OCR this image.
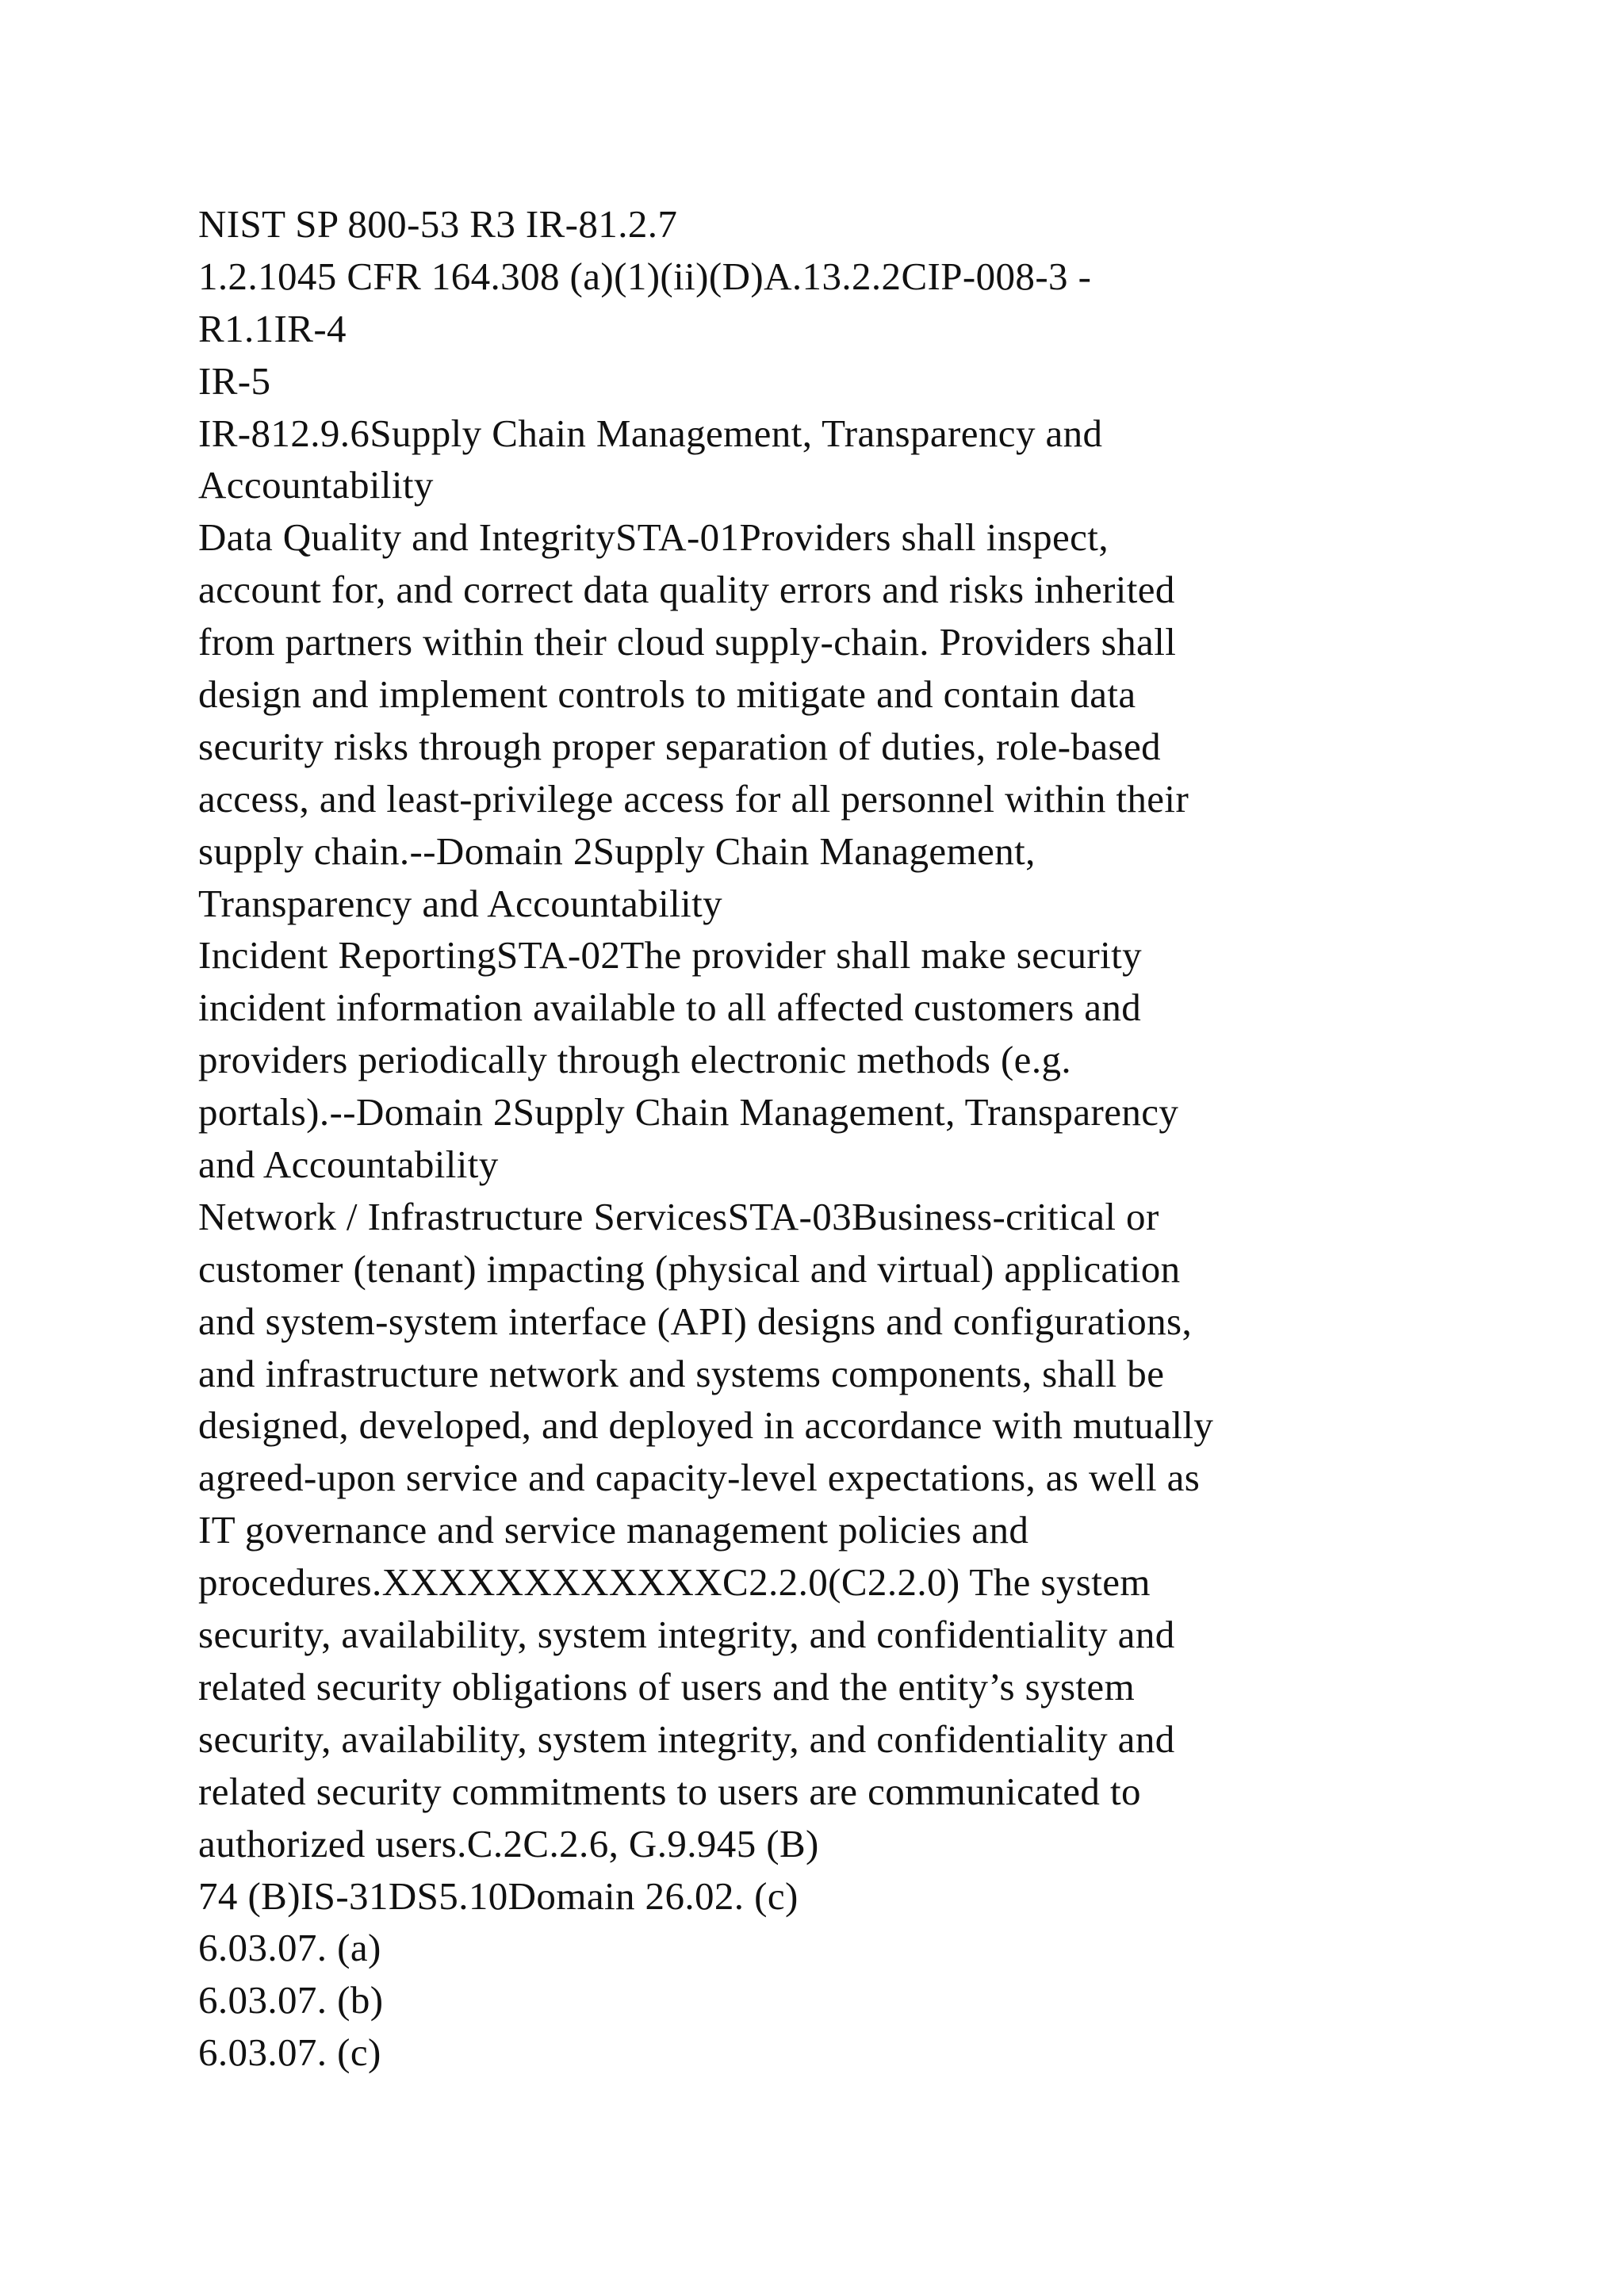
NIST SP 800-53 R3 IR-81.2.7
1.2.1045 CFR 164.308 (a)(1)(ii)(D)A.13.2.2CIP-008-3 -
R1.1IR-4
IR-5
IR-812.9.6Supply Chain Management, Transparency and
Accountability
Data Quality and IntegritySTA-01Providers shall inspect,
account for, and correct data quality errors and risks inherited
from partners within their cloud supply-chain. Providers shall
design and implement controls to mitigate and contain data
security risks through proper separation of duties, role-based
access, and least-privilege access for all personnel within their
supply chain.--Domain 2Supply Chain Management,
Transparency and Accountability
Incident ReportingSTA-02The provider shall make security
incident information available to all affected customers and
providers periodically through electronic methods (e.g.
portals).--Domain 2Supply Chain Management, Transparency
and Accountability
Network / Infrastructure ServicesSTA-03Business-critical or
customer (tenant) impacting (physical and virtual) application
and system-system interface (API) designs and configurations,
and infrastructure network and systems components, shall be
designed, developed, and deployed in accordance with mutually
agreed-upon service and capacity-level expectations, as well as
IT governance and service management policies and
procedures.XXXXXXXXXXXXC2.2.0(C2.2.0) The system
security, availability, system integrity, and confidentiality and
related security obligations of users and the entity’s system
security, availability, system integrity, and confidentiality and
related security commitments to users are communicated to
authorized users.C.2C.2.6, G.9.945 (B)
74 (B)IS-31DS5.10Domain 26.02. (c)
6.03.07. (a)
6.03.07. (b)
6.03.07. (c)
